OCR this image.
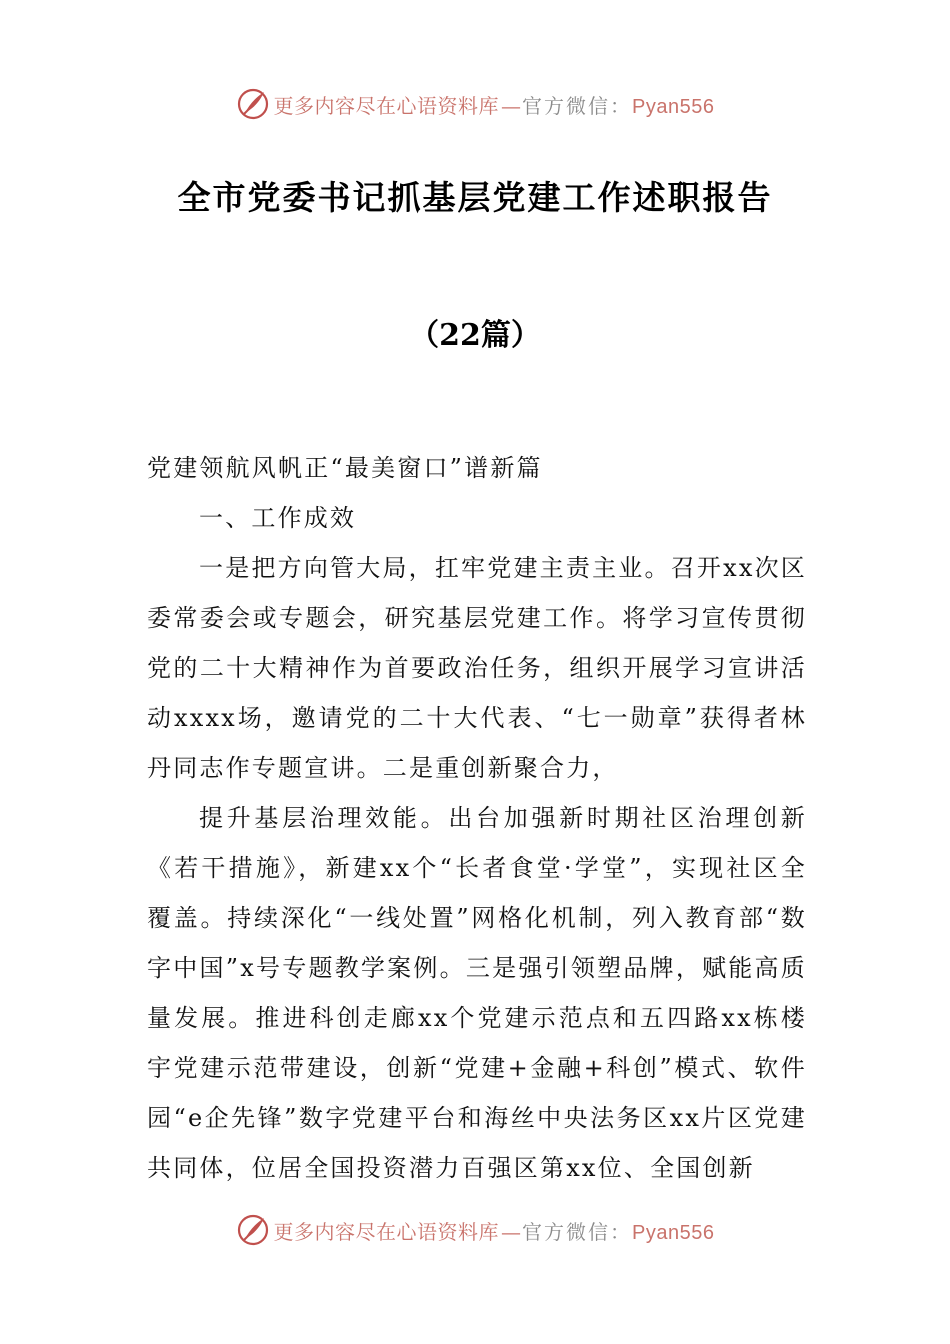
更多内容尽在心语资料库 — 官方微信：Pyan556
全市党委书记抓基层党建工作述职报告
（22篇）

党建领航风帆正“最美窗口”谱新篇

一、工作成效

一是把方向管大局，扛牢党建主责主业。召开xx次区委常委会或专题会，研究基层党建工作。将学习宣传贯彻党的二十大精神作为首要政治任务，组织开展学习宣讲活动xxxx场，邀请党的二十大代表、“七一勋章”获得者林丹同志作专题宣讲。二是重创新聚合力，

提升基层治理效能。出台加强新时期社区治理创新《若干措施》，新建xx个“长者食堂·学堂”，实现社区全覆盖。持续深化“一线处置”网格化机制，列入教育部“数字中国”x号专题教学案例。三是强引领塑品牌，赋能高质量发展。推进科创走廊xx个党建示范点和五四路xx栋楼宇党建示范带建设，创新“党建+金融+科创”模式、软件园“e企先锋”数字党建平台和海丝中央法务区xx片区党建共同体，位居全国投资潜力百强区第xx位、全国创新

更多内容尽在心语资料库 — 官方微信：Pyan556
